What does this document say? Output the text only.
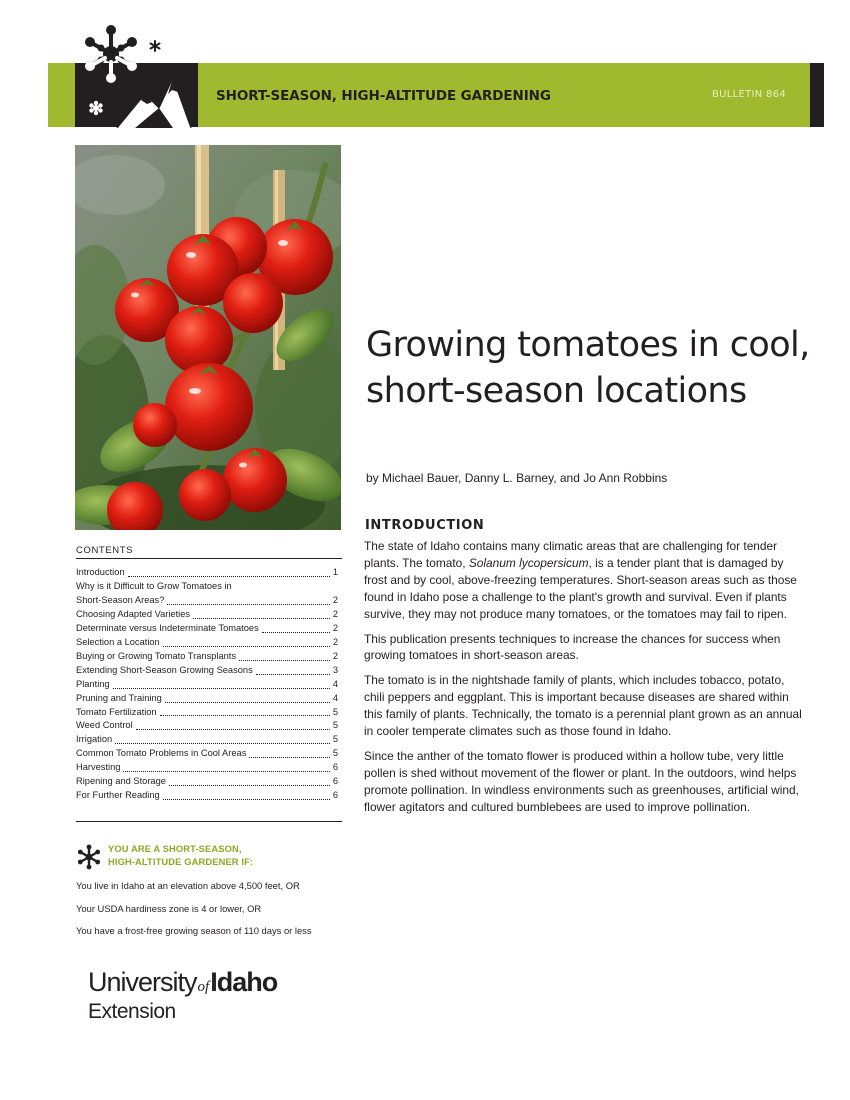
SHORT-SEASON, HIGH-ALTITUDE GARDENING	BULLETIN 864
Growing tomatoes in cool, short-season locations
by Michael Bauer, Danny L. Barney, and Jo Ann Robbins
INTRODUCTION

The state of Idaho contains many climatic areas that are challenging for tender plants. The tomato, Solanum lycopersicum, is a tender plant that is damaged by frost and by cool, above-freezing temperatures. Short-season areas such as those found in Idaho pose a challenge to the plant's growth and survival. Even if plants survive, they may not produce many tomatoes, or the tomatoes may fail to ripen.

This publication presents techniques to increase the chances for success when growing tomatoes in short-season areas.

The tomato is in the nightshade family of plants, which includes tobacco, potato, chili peppers and eggplant. This is important because diseases are shared within this family of plants. Technically, the tomato is a perennial plant grown as an annual in cooler temperate climates such as those found in Idaho.

Since the anther of the tomato flower is produced within a hollow tube, very little pollen is shed without movement of the flower or plant. In the outdoors, wind helps promote pollination. In windless environments such as greenhouses, artificial wind, flower agitators and cultured bumblebees are used to improve pollination.

CONTENTS
Introduction	1
Why is it Difficult to Grow Tomatoes in
Short-Season Areas?	2
Choosing Adapted Varieties	2
Determinate versus Indeterminate Tomatoes	2
Selection a Location	2
Buying or Growing Tomato Transplants	2
Extending Short-Season Growing Seasons	3
Planting	4
Pruning and Training	4
Tomato Fertilization	5
Weed Control	5
Irrigation	5
Common Tomato Problems in Cool Areas	5
Harvesting	6
Ripening and Storage	6
For Further Reading	6
YOU ARE A SHORT-SEASON,
HIGH-ALTITUDE GARDENER IF:
You live in Idaho at an elevation above 4,500 feet, OR
Your USDA hardiness zone is 4 or lower, OR
You have a frost-free growing season of 110 days or less
University of Idaho
Extension
